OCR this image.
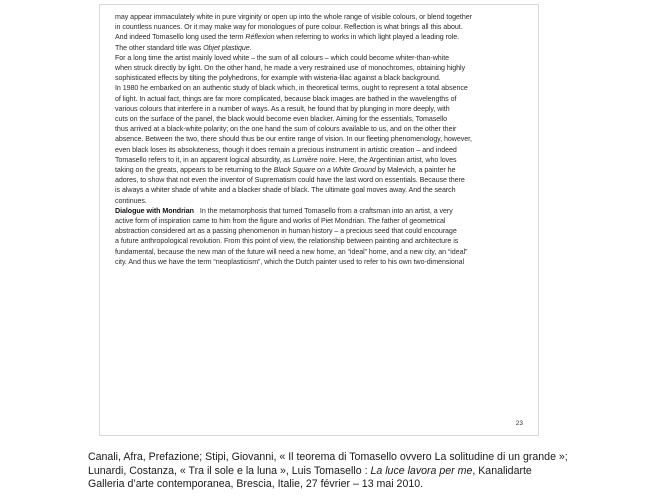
may appear immaculately white in pure virginity or open up into the whole range of visible colours, or blend together

in countless nuances. Or it may make way for monologues of pure colour. Reflection is what brings all this about.

And indeed Tomasello long used the term Réflexion when referring to works in which light played a leading role.

The other standard title was Objet plastique.

For a long time the artist mainly loved white – the sum of all colours – which could become whiter-than-white

when struck directly by light. On the other hand, he made a very restrained use of monochromes, obtaining highly

sophisticated effects by tilting the polyhedrons, for example with wisteria-lilac against a black background.

In 1980 he embarked on an authentic study of black which, in theoretical terms, ought to represent a total absence

of light. In actual fact, things are far more complicated, because black images are bathed in the wavelengths of

various colours that interfere in a number of ways. As a result, he found that by plunging in more deeply, with

cuts on the surface of the panel, the black would become even blacker. Aiming for the essentials, Tomasello

thus arrived at a black-white polarity; on the one hand the sum of colours available to us, and on the other their

absence. Between the two, there should thus be our entire range of vision. In our fleeting phenomenology, however,

even black loses its absoluteness, though it does remain a precious instrument in artistic creation – and indeed

Tomasello refers to it, in an apparent logical absurdity, as Lumière noire. Here, the Argentinian artist, who loves

taking on the greats, appears to be returning to the Black Square on a White Ground by Malevich, a painter he

adores, to show that not even the inventor of Suprematism could have the last word on essentials. Because there

is always a whiter shade of white and a blacker shade of black. The ultimate goal moves away. And the search

continues.

Dialogue with Mondrian In the metamorphosis that turned Tomasello from a craftsman into an artist, a very

active form of inspiration came to him from the figure and works of Piet Mondrian. The father of geometrical

abstraction considered art as a passing phenomenon in human history – a precious seed that could encourage

a future anthropological revolution. From this point of view, the relationship between painting and architecture is

fundamental, because the new man of the future will need a new home, an “ideal” home, and a new city, an “ideal”

city. And thus we have the term “neoplasticism”, which the Dutch painter used to refer to his own two-dimensional

23

Canali, Afra, Prefazione; Stipi, Giovanni, « Il teorema di Tomasello ovvero La solitudine di un grande »;

Lunardi, Costanza, « Tra il sole e la luna », Luis Tomasello : La luce lavora per me, Kanalidarte

Galleria d’arte contemporanea, Brescia, Italie, 27 février – 13 mai 2010.
